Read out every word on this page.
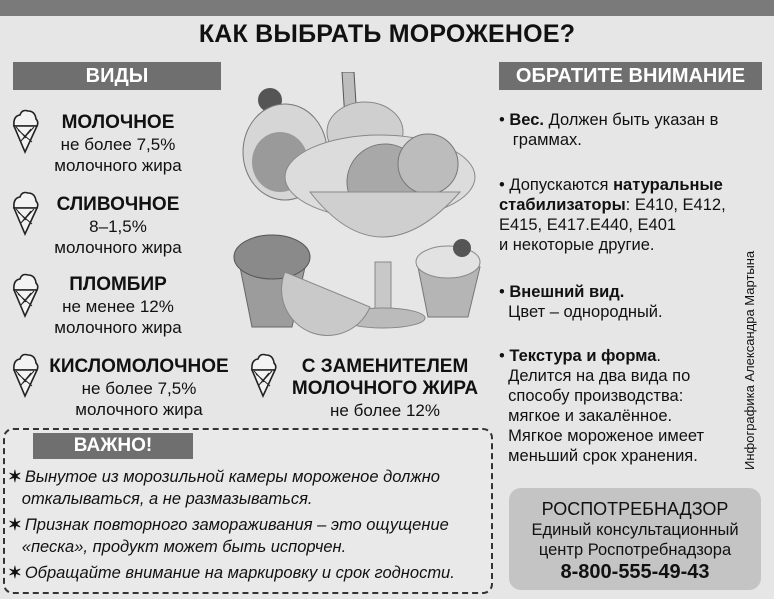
КАК ВЫБРАТЬ МОРОЖЕНОЕ?
ВИДЫ	ОБРАТИТЕ ВНИМАНИЕ
МОЛОЧНОЕ
не более 7,5%
молочного жира
СЛИВОЧНОЕ
8–1,5%
молочного жира
ПЛОМБИР
не менее 12%
молочного жира
КИСЛОМОЛОЧНОЕ
не более 7,5%
молочного жира
С ЗАМЕНИТЕЛЕМ
МОЛОЧНОГО ЖИРА
не более 12%
• Вес. Должен быть указан в
граммах.
• Допускаются натуральные
стабилизаторы: Е410, Е412,
Е415, Е417.Е440, Е401
и некоторые другие.
• Внешний вид.
Цвет – однородный.
• Текстура и форма.
Делится на два вида по
способу производства:
мягкое и закалённое.
Мягкое мороженое имеет
меньший срок хранения.	Инфографика Александра Мартына
ВАЖНО!
✶ Вынутое из морозильной камеры мороженое должно
откалываться, а не размазываться.
✶ Признак повторного замораживания – это ощущение
«песка», продукт может быть испорчен.
✶ Обращайте внимание на маркировку и срок годности.
РОСПОТРЕБНАДЗОР
Единый консультационный
центр Роспотребнадзора
8-800-555-49-43
